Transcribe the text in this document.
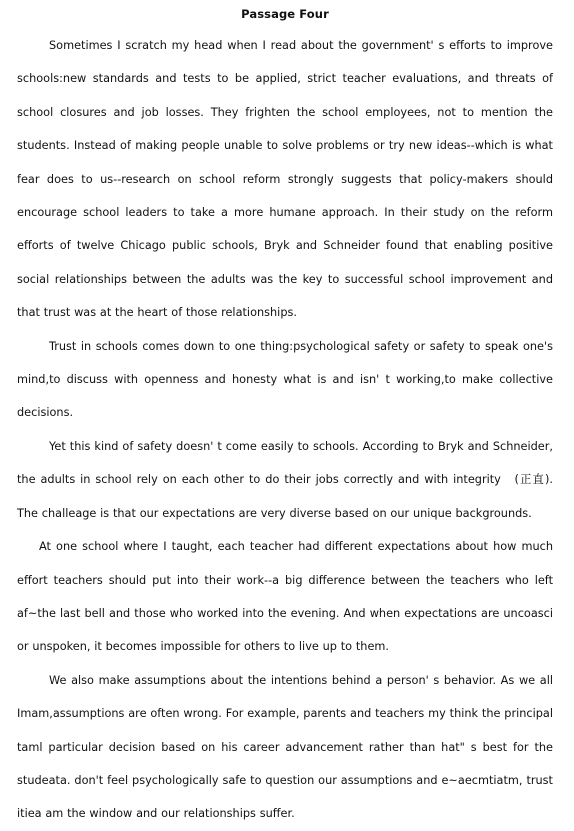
Passage Four

Sometimes I scratch my head when I read about the government' s efforts to improve schools:new standards and tests to be applied, strict teacher evaluations, and threats of school closures and job losses. They frighten the school employees, not to mention the students. Instead of making people unable to solve problems or try new ideas--which is what fear does to us--research on school reform strongly suggests that policy-makers should encourage school leaders to take a more humane approach. In their study on the reform efforts of twelve Chicago public schools, Bryk and Schneider found that enabling positive social relationships between the adults was the key to successful school improvement and that trust was at the heart of those relationships.

Trust in schools comes down to one thing:psychological safety or safety to speak one's mind,to discuss with openness and honesty what is and isn' t working,to make collective decisions.

Yet this kind of safety doesn' t come easily to schools. According to Bryk and Schneider, the adults in school rely on each other to do their jobs correctly and with integrity　(正直). The challeage is that our expectations are very diverse based on our unique backgrounds.

At one school where I taught, each teacher had different expectations about how much effort teachers should put into their work--a big difference between the teachers who left af~the last bell and those who worked into the evening. And when expectations are uncoasci or unspoken, it becomes impossible for others to live up to them.

We also make assumptions about the intentions behind a person' s behavior. As we all Imam,assumptions are often wrong. For example, parents and teachers my think the principal taml particular decision based on his career advancement rather than hat" s best for the studeata. don't feel psychologically safe to question our assumptions and e~aecmtiatm, trust itiea am the window and our relationships suffer.
